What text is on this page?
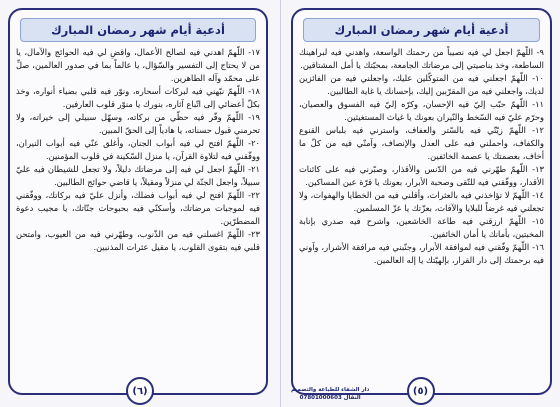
أدعية أيام شهر رمضان المبارك

١٧- اللّهمّ اهدني فيه لصالح الأعمال، واقضِ لي فيه الحوائج والآمال، يا من لا يحتاج إلى التفسير والسّؤال، يا عالماً بما في صدور العالمين، صلِّ على محمّد وآله الطاهرين.

١٨- اللّهمّ نبّهني فيه لبركات أسحاره، ونوّر فيه قلبي بضياء أنواره، وخذ بكلّ أعضائي إلى اتّباع آثاره، بنورك يا منوّر قلوب العارفين.

١٩- اللّهمّ وفّر فيه حظّي من بركاته، وسهّل سبيلي إلى خيراته، ولا تحرمني قبول حسناته، يا هادياً إلى الحقّ المبين.

٢٠- اللّهمّ افتح لي فيه أبواب الجنان، وأغلق عنّي فيه أبواب النيران، ووفّقني فيه لتلاوة القرآن، يا منزل السّكينة في قلوب المؤمنين.

٢١- اللّهمّ اجعل لي فيه إلى مرضاتك دليلاً، ولا تجعل للشيطان فيه عليّ سبيلاً، واجعل الجنّة لي منزلاً ومقيلاً، يا قاضي حوائج الطالبين.

٢٢- اللّهمّ افتح لي فيه أبواب فضلك، وأنزل عليّ فيه بركاتك، ووفّقني فيه لموجبات مرضاتك، وأسكنّي فيه بحبوحات جنّاتك، يا مجيب دعوة المضطرّين.

٢٣- اللّهمّ اغسلني فيه من الذّنوب، وطهّرني فيه من العيوب، وامتحن قلبي فيه بتقوى القلوب، يا مقيل عثرات المذنبين.

(٦)
أدعية أيام شهر رمضان المبارك

٩- اللّهمّ اجعل لي فيه نصيباً من رحمتك الواسعة، واهدني فيه لبراهينك الساطعة، وخذ بناصيتي إلى مرضاتك الجامعة، بمحبّتك يا أمل المشتاقين.

١٠- اللّهمّ اجعلني فيه من المتوكّلين عليك، واجعلني فيه من الفائزين لديك، واجعلني فيه من المقرّبين إليك، بإحسانك يا غاية الطالبين.

١١- اللّهمّ حبّب إليّ فيه الإحسان، وكرّه إليّ فيه الفسوق والعصيان، وحرّم عليّ فيه السّخط والنّيران بعونك يا غياث المستغيثين.

١٢- اللّهمّ زيّنّي فيه بالسّتر والعفاف، واسترني فيه بلباس القنوع والكفاف، واحملني فيه على العدل والإنصاف، وآمنّي فيه من كلّ ما أخاف، بعصمتك يا عصمة الخائفين.

١٣- اللّهمّ طهّرني فيه من الدّنس والأقذار، وصبّرني فيه على كائنات الأقدار، ووفّقني فيه للتّقى وصحبة الأبرار، بعونك يا قرّة عين المساكين.

١٤- اللّهمّ لا تؤاخذني فيه بالعثرات، وأقلني فيه من الخطايا والهفوات، ولا تجعلني فيه غرضاً للبلايا والآفات، بعزّتك يا عزّ المسلمين.

١٥- اللّهمّ ارزقني فيه طاعة الخاشعين، واشرح فيه صدري بإنابة المخبتين، بأمانك يا أمان الخائفين.

١٦- اللّهمّ وفّقني فيه لموافقة الأبرار، وجنّبني فيه مرافقة الأشرار، وآوني فيه برحمتك إلى دار القرار، بإلهيّتك يا إله العالمين.

دار الشفاء للطباعة والتصميم
النقال 07801000603
(٥)
